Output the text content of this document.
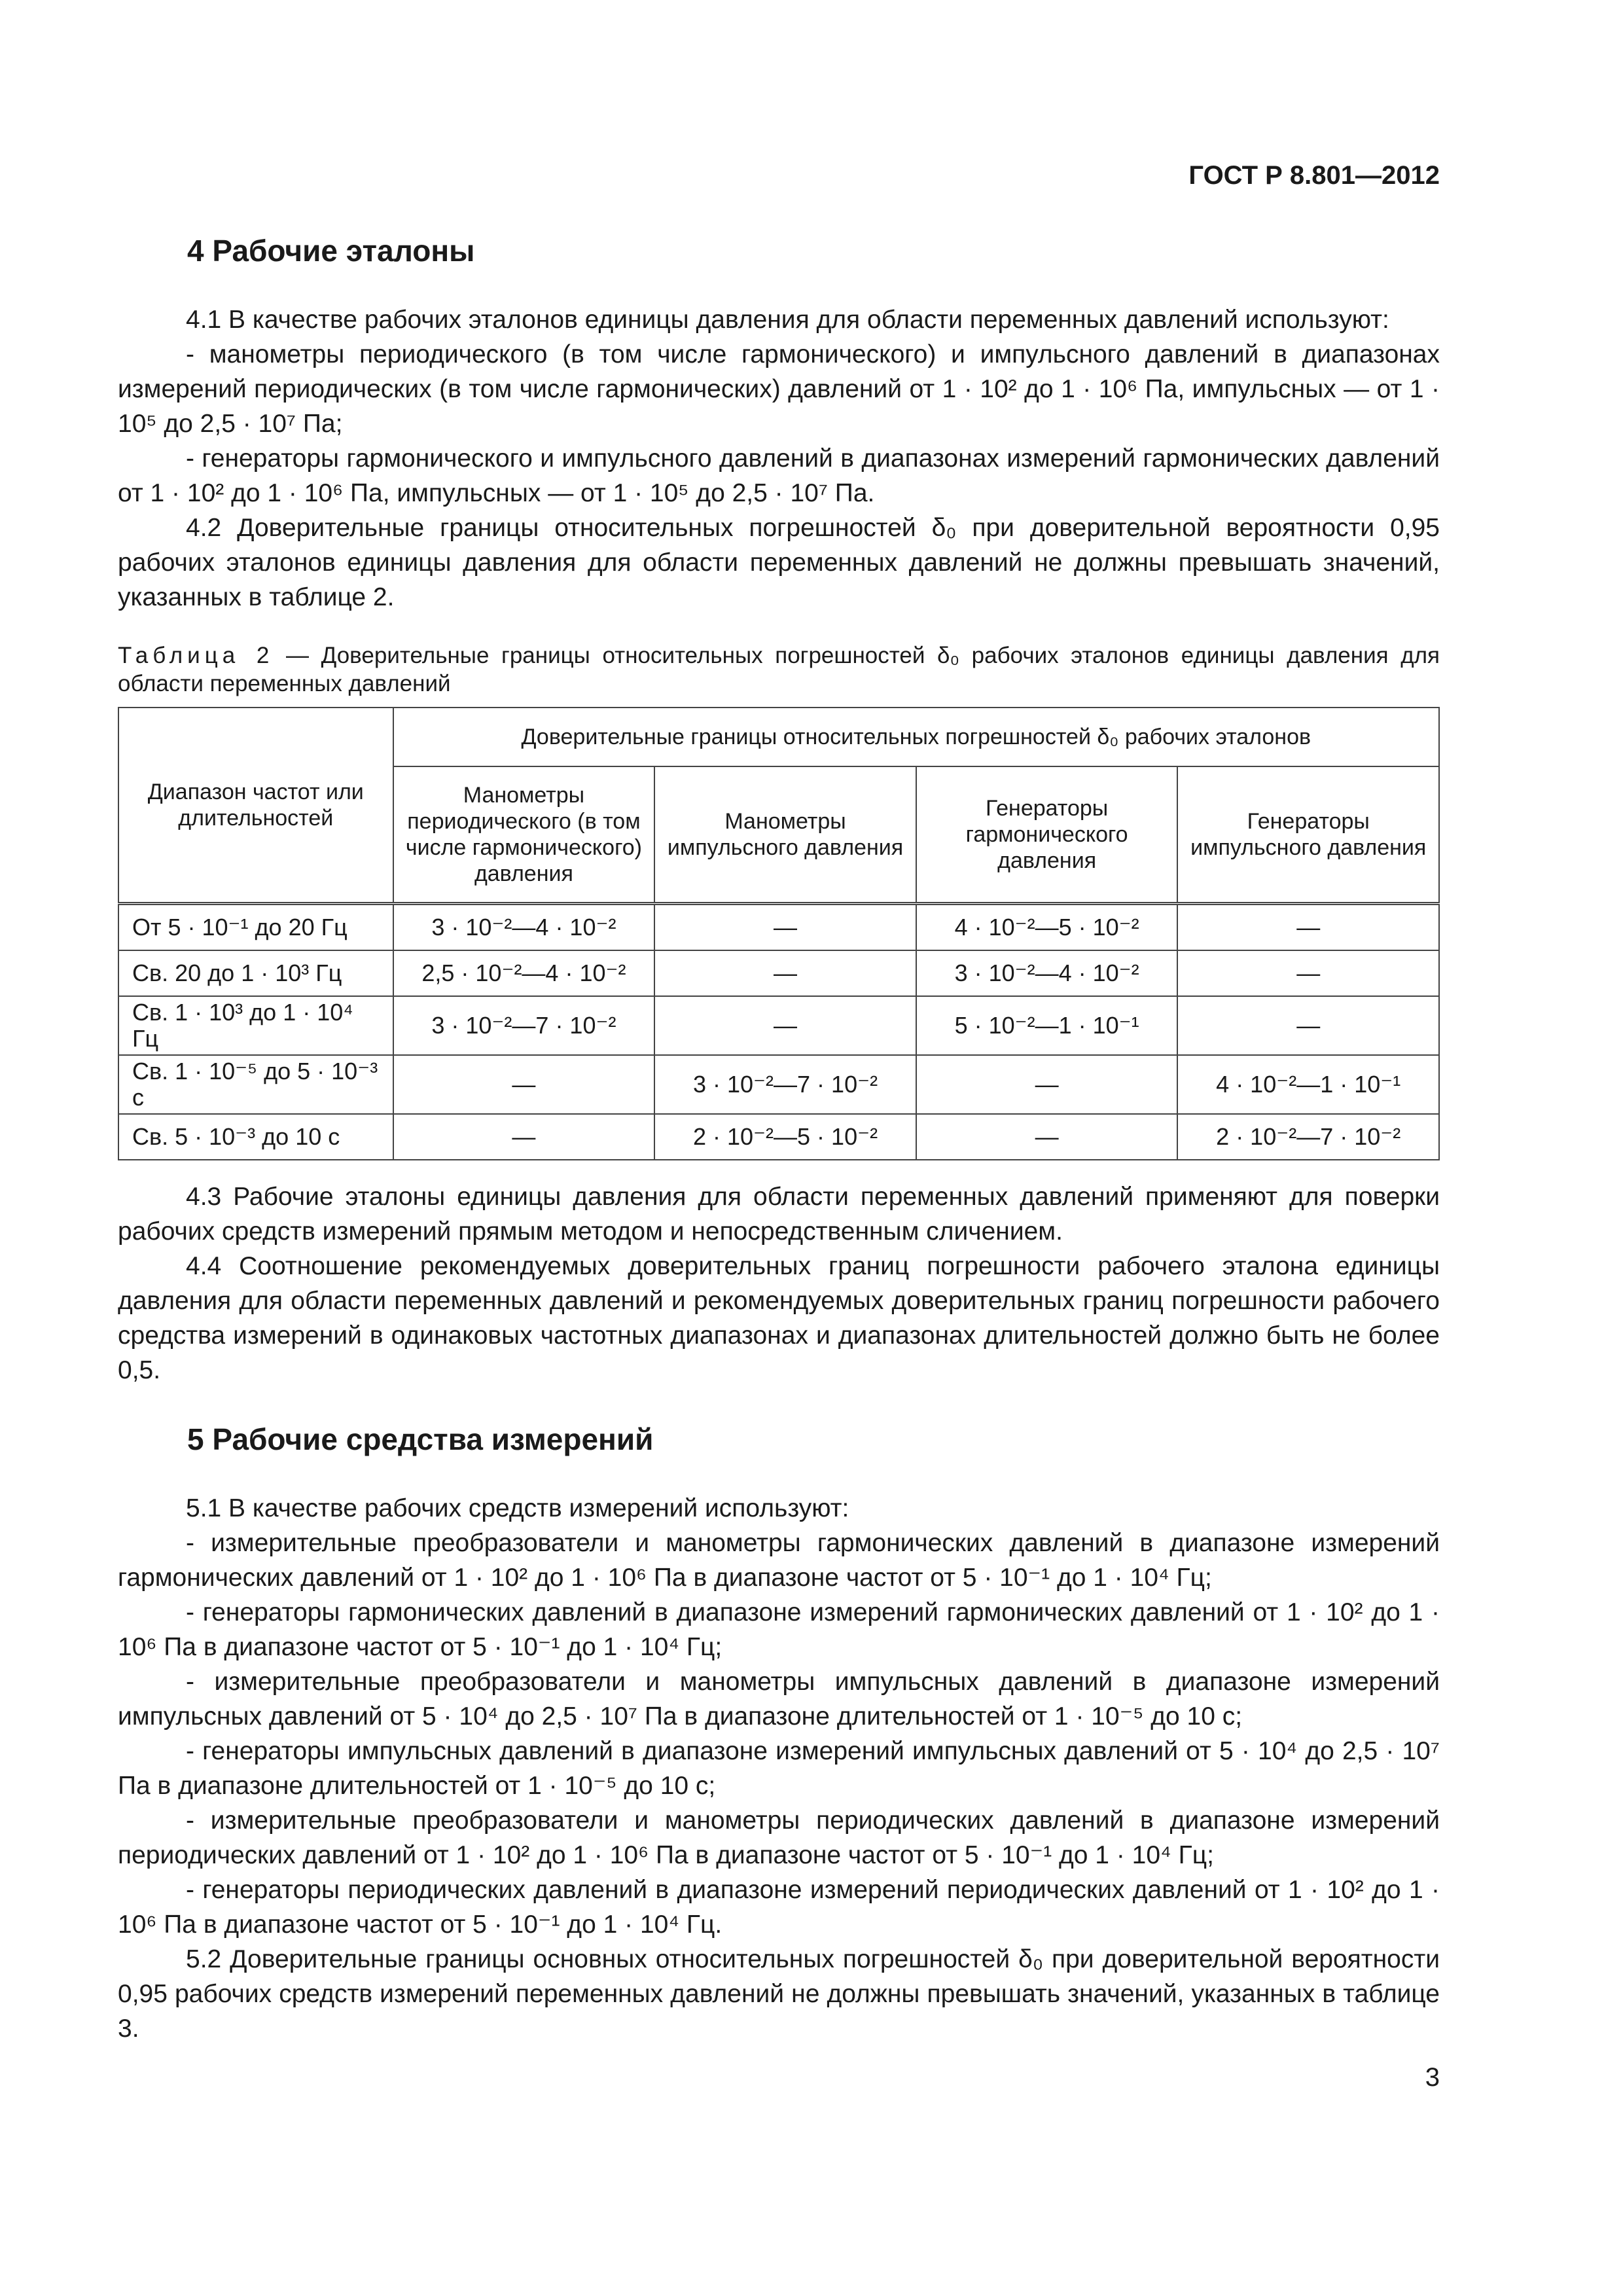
ГОСТ Р 8.801—2012
4 Рабочие эталоны

4.1 В качестве рабочих эталонов единицы давления для области переменных давлений используют:

- манометры периодического (в том числе гармонического) и импульсного давлений в диапазонах измерений периодических (в том числе гармонических) давлений от 1 · 10² до 1 · 10⁶ Па, импульсных — от 1 · 10⁵ до 2,5 · 10⁷ Па;

- генераторы гармонического и импульсного давлений в диапазонах измерений гармонических давлений от 1 · 10² до 1 · 10⁶ Па, импульсных — от 1 · 10⁵ до 2,5 · 10⁷ Па.

4.2 Доверительные границы относительных погрешностей δ₀ при доверительной вероятности 0,95 рабочих эталонов единицы давления для области переменных давлений не должны превышать значений, указанных в таблице 2.

Таблица 2 — Доверительные границы относительных погрешностей δ₀ рабочих эталонов единицы давления для области переменных давлений
Диапазон частот или длительностей	Доверительные границы относительных погрешностей δ₀ рабочих эталонов			
	Манометры периодического (в том числе гармонического) давления	Манометры импульсного давления	Генераторы гармонического давления	Генераторы импульсного давления
От 5 · 10⁻¹ до 20 Гц	3 · 10⁻²—4 · 10⁻²	—	4 · 10⁻²—5 · 10⁻²	—
Св. 20 до 1 · 10³ Гц	2,5 · 10⁻²—4 · 10⁻²	—	3 · 10⁻²—4 · 10⁻²	—
Св. 1 · 10³ до 1 · 10⁴ Гц	3 · 10⁻²—7 · 10⁻²	—	5 · 10⁻²—1 · 10⁻¹	—
Св. 1 · 10⁻⁵ до 5 · 10⁻³ с	—	3 · 10⁻²—7 · 10⁻²	—	4 · 10⁻²—1 · 10⁻¹
Св. 5 · 10⁻³ до 10 с	—	2 · 10⁻²—5 · 10⁻²	—	2 · 10⁻²—7 · 10⁻²

4.3 Рабочие эталоны единицы давления для области переменных давлений применяют для поверки рабочих средств измерений прямым методом и непосредственным сличением.

4.4 Соотношение рекомендуемых доверительных границ погрешности рабочего эталона единицы давления для области переменных давлений и рекомендуемых доверительных границ погрешности рабочего средства измерений в одинаковых частотных диапазонах и диапазонах длительностей должно быть не более 0,5.

5 Рабочие средства измерений

5.1 В качестве рабочих средств измерений используют:

- измерительные преобразователи и манометры гармонических давлений в диапазоне измерений гармонических давлений от 1 · 10² до 1 · 10⁶ Па в диапазоне частот от 5 · 10⁻¹ до 1 · 10⁴ Гц;

- генераторы гармонических давлений в диапазоне измерений гармонических давлений от 1 · 10² до 1 · 10⁶ Па в диапазоне частот от 5 · 10⁻¹ до 1 · 10⁴ Гц;

- измерительные преобразователи и манометры импульсных давлений в диапазоне измерений импульсных давлений от 5 · 10⁴ до 2,5 · 10⁷ Па в диапазоне длительностей от 1 · 10⁻⁵ до 10 с;

- генераторы импульсных давлений в диапазоне измерений импульсных давлений от 5 · 10⁴ до 2,5 · 10⁷ Па в диапазоне длительностей от 1 · 10⁻⁵ до 10 с;

- измерительные преобразователи и манометры периодических давлений в диапазоне измерений периодических давлений от 1 · 10² до 1 · 10⁶ Па в диапазоне частот от 5 · 10⁻¹ до 1 · 10⁴ Гц;

- генераторы периодических давлений в диапазоне измерений периодических давлений от 1 · 10² до 1 · 10⁶ Па в диапазоне частот от 5 · 10⁻¹ до 1 · 10⁴ Гц.

5.2 Доверительные границы основных относительных погрешностей δ₀ при доверительной вероятности 0,95 рабочих средств измерений переменных давлений не должны превышать значений, указанных в таблице 3.

3
